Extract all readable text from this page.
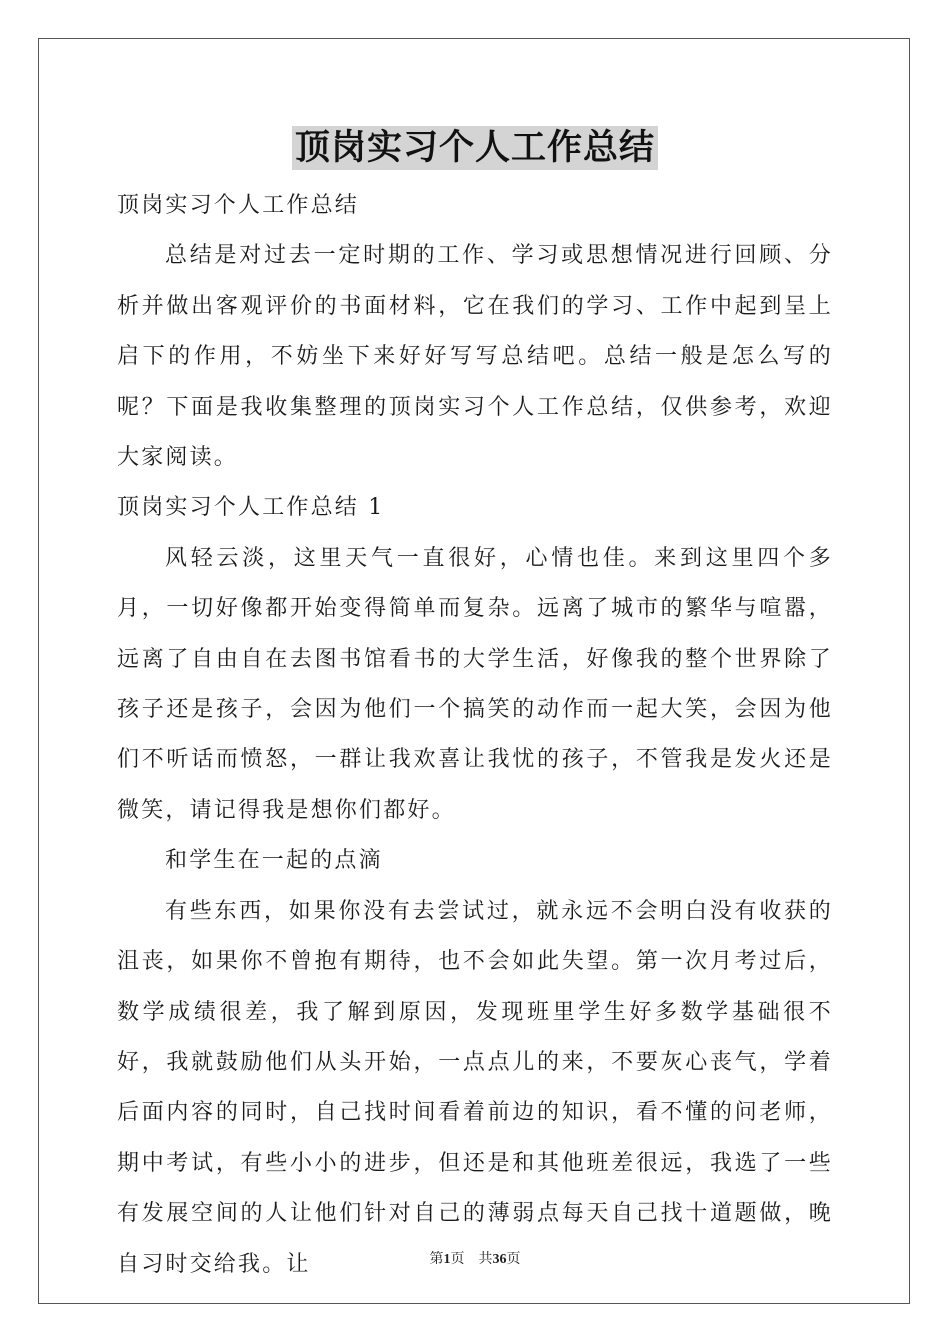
顶岗实习个人工作总结

顶岗实习个人工作总结

总结是对过去一定时期的工作、学习或思想情况进行回顾、分析并做出客观评价的书面材料，它在我们的学习、工作中起到呈上启下的作用，不妨坐下来好好写写总结吧。总结一般是怎么写的呢？下面是我收集整理的顶岗实习个人工作总结，仅供参考，欢迎大家阅读。

顶岗实习个人工作总结 1

风轻云淡，这里天气一直很好，心情也佳。来到这里四个多月，一切好像都开始变得简单而复杂。远离了城市的繁华与喧嚣，远离了自由自在去图书馆看书的大学生活，好像我的整个世界除了孩子还是孩子，会因为他们一个搞笑的动作而一起大笑，会因为他们不听话而愤怒，一群让我欢喜让我忧的孩子，不管我是发火还是微笑，请记得我是想你们都好。

和学生在一起的点滴

有些东西，如果你没有去尝试过，就永远不会明白没有收获的沮丧，如果你不曾抱有期待，也不会如此失望。第一次月考过后，数学成绩很差，我了解到原因，发现班里学生好多数学基础很不好，我就鼓励他们从头开始，一点点儿的来，不要灰心丧气，学着后面内容的同时，自己找时间看着前边的知识，看不懂的问老师，期中考试，有些小小的进步，但还是和其他班差很远，我选了一些有发展空间的人让他们针对自己的薄弱点每天自己找十道题做，晚自习时交给我。让	第1页 共36页
